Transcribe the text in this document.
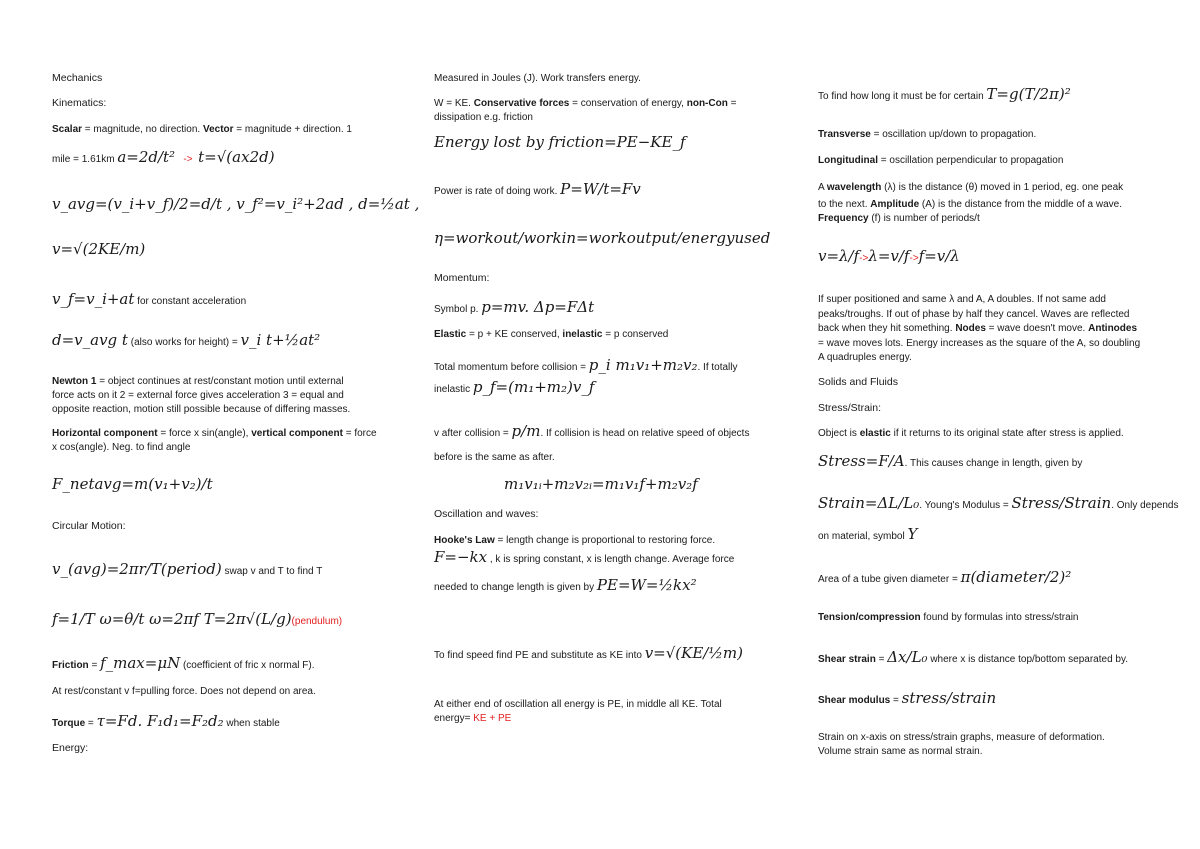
Mechanics
Kinematics:
Scalar = magnitude, no direction. Vector = magnitude + direction. 1
mile = 1.61km a=2d/t² -> t=√(ax2d)
v_avg=(v_i+v_f)/2=d/t , v_f²=v_i²+2ad , d=½at ,
v=√(2KE/m)
v_f=v_i+at for constant acceleration
d=v_avg t (also works for height) = v_i t+½at²
Newton 1 = object continues at rest/constant motion until external
force acts on it 2 = external force gives acceleration 3 = equal and
opposite reaction, motion still possible because of differing masses.
Horizontal component = force x sin(angle), vertical component = force
x cos(angle). Neg. to find angle
F_netavg=m(v₁+v₂)/t
Circular Motion:
v_(avg)=2πr/T(period) swap v and T to find T
f=1/T ω=θ/t ω=2πf T=2π√(L/g)(pendulum)
Friction = f_max=μN (coefficient of fric x normal F).
At rest/constant v f=pulling force. Does not depend on area.
Torque = τ=Fd. F₁d₁=F₂d₂ when stable
Energy:
Measured in Joules (J). Work transfers energy.
W = KE. Conservative forces = conservation of energy, non-Con =
dissipation e.g. friction
Energy lost by friction=PE−KE_f
Power is rate of doing work. P=W/t=Fv
η=workout/workin=workoutput/energyused
Momentum:
Symbol p. p=mv. Δp=FΔt
Elastic = p + KE conserved, inelastic = p conserved
Total momentum before collision = p_i m₁v₁+m₂v₂. If totally
inelastic p_f=(m₁+m₂)v_f
v after collision = p/m. If collision is head on relative speed of objects
before is the same as after.
m₁v₁ᵢ+m₂v₂ᵢ=m₁v₁f+m₂v₂f
Oscillation and waves:
Hooke's Law = length change is proportional to restoring force.
F=−kx , k is spring constant, x is length change. Average force
needed to change length is given by PE=W=½kx²
To find speed find PE and substitute as KE into v=√(KE/½m)
At either end of oscillation all energy is PE, in middle all KE. Total
energy= KE + PE
To find how long it must be for certain T=g(T/2π)²
Transverse = oscillation up/down to propagation.
Longitudinal = oscillation perpendicular to propagation
A wavelength (λ) is the distance (θ) moved in 1 period, eg. one peak
to the next. Amplitude (A) is the distance from the middle of a wave.
Frequency (f) is number of periods/t
v=λ/f->λ=v/f->f=v/λ
If super positioned and same λ and A, A doubles. If not same add
peaks/troughs. If out of phase by half they cancel. Waves are reflected
back when they hit something. Nodes = wave doesn't move. Antinodes
= wave moves lots. Energy increases as the square of the A, so doubling
A quadruples energy.
Solids and Fluids
Stress/Strain:
Object is elastic if it returns to its original state after stress is applied.
Stress=F/A. This causes change in length, given by
Strain=ΔL/L₀. Young's Modulus = Stress/Strain. Only depends
on material, symbol Y
Area of a tube given diameter = π(diameter/2)²
Tension/compression found by formulas into stress/strain
Shear strain = Δx/L₀ where x is distance top/bottom separated by.
Shear modulus = stress/strain
Strain on x-axis on stress/strain graphs, measure of deformation.
Volume strain same as normal strain.
